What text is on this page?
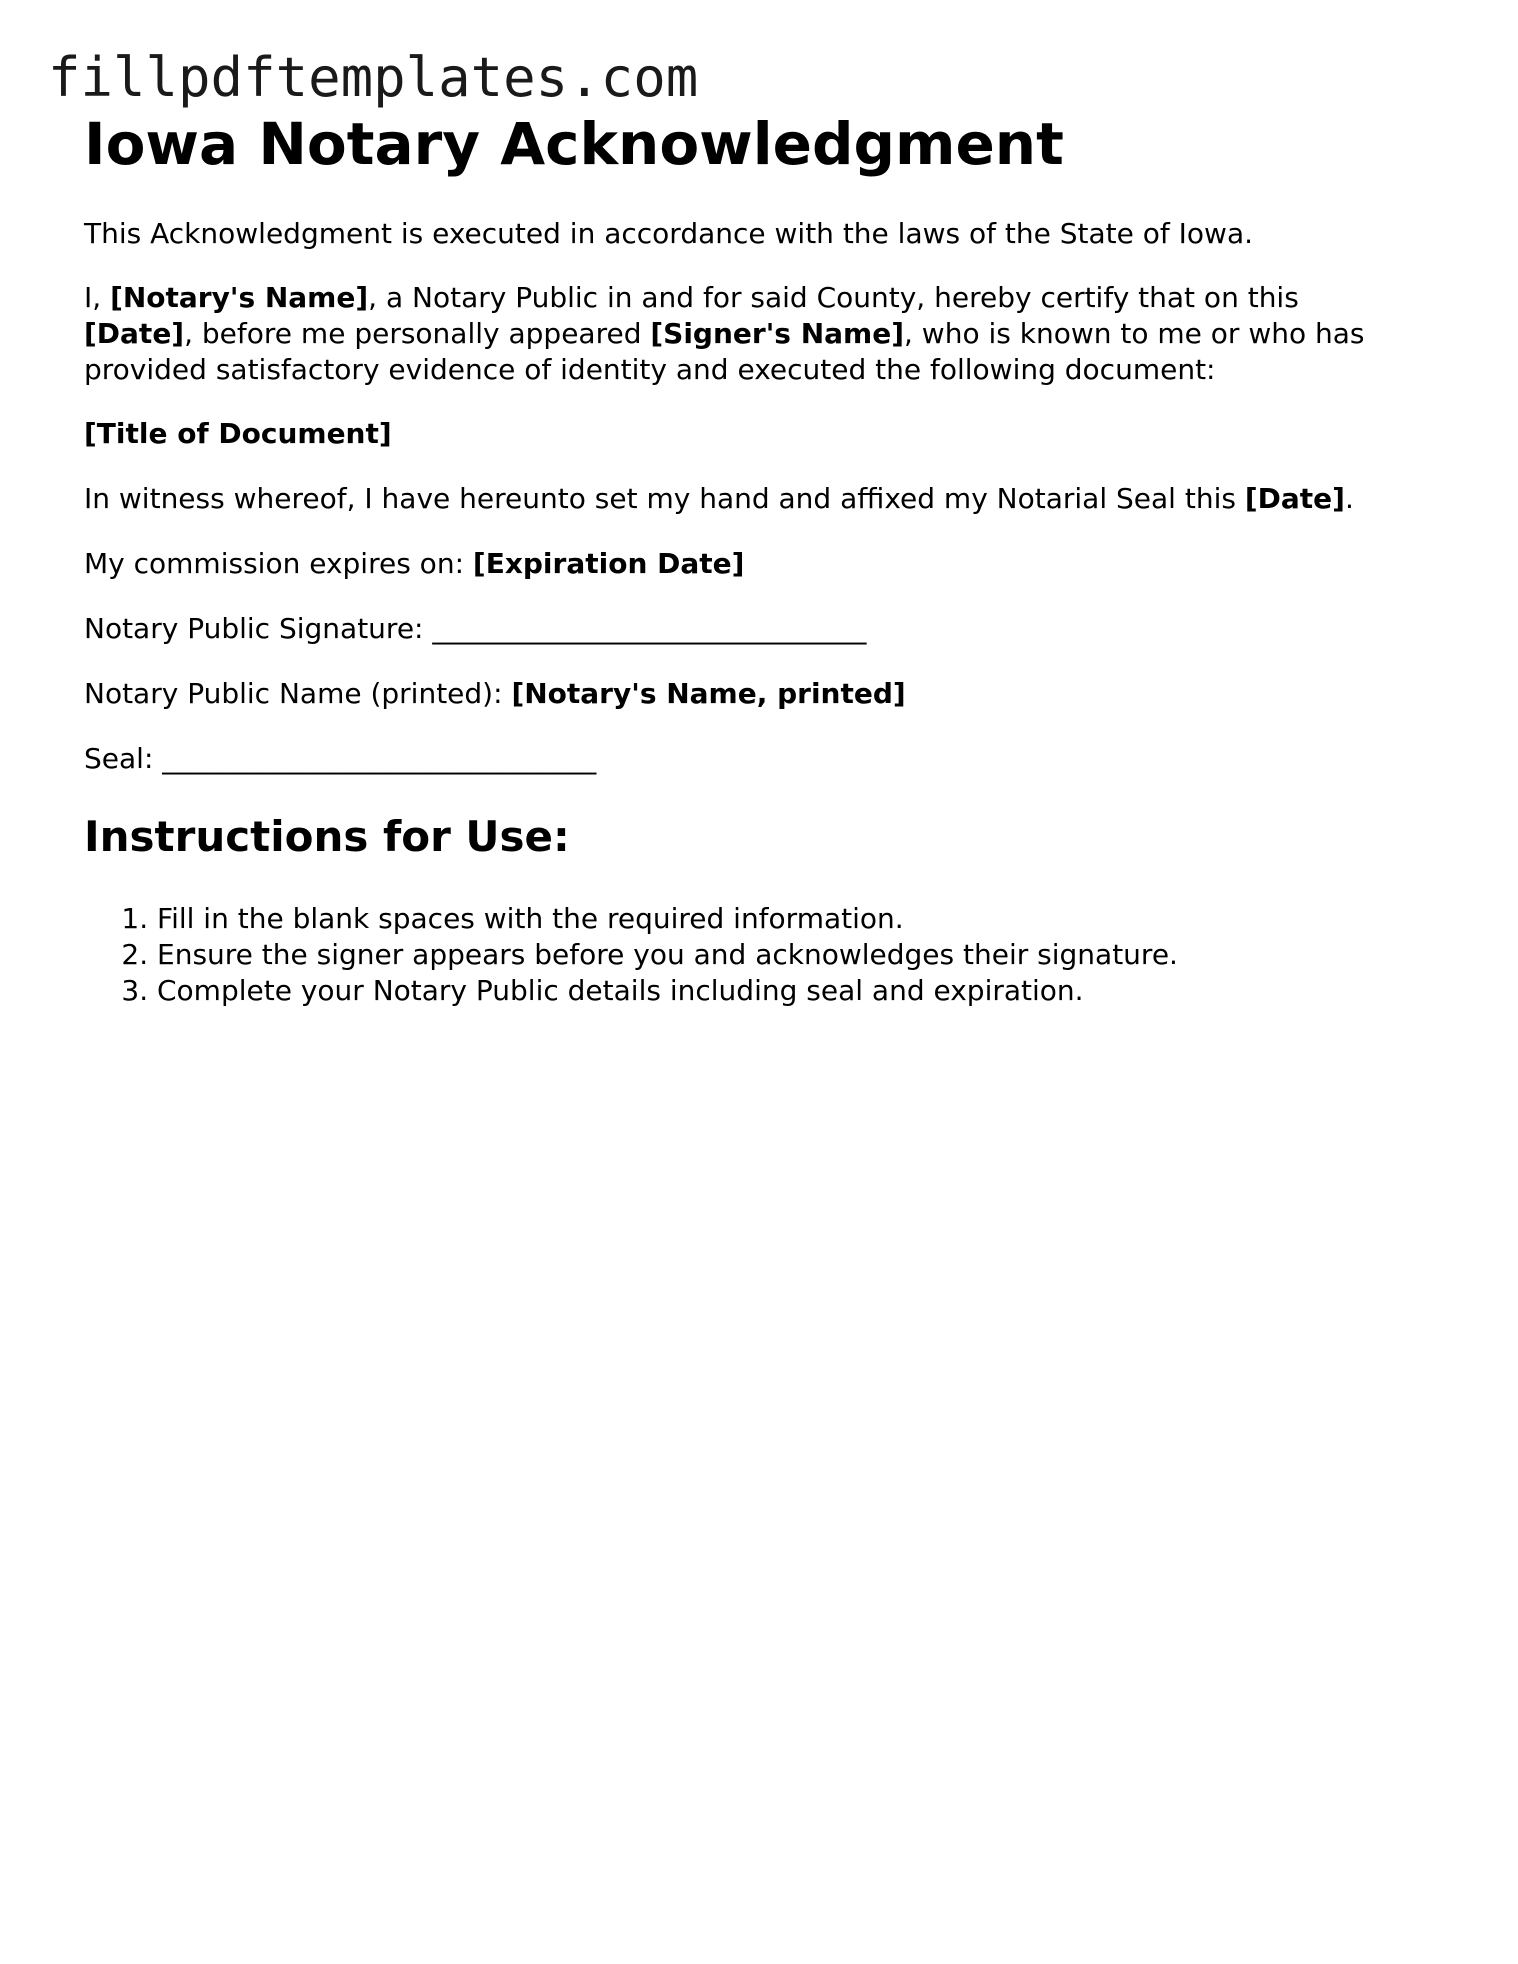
fillpdftemplates.com
Iowa Notary Acknowledgment

This Acknowledgment is executed in accordance with the laws of the State of Iowa.

I, [Notary's Name], a Notary Public in and for said County, hereby certify that on this [Date], before me personally appeared [Signer's Name], who is known to me or who has provided satisfactory evidence of identity and executed the following document:

[Title of Document]

In witness whereof, I have hereunto set my hand and affixed my Notarial Seal this [Date].

My commission expires on: [Expiration Date]

Notary Public Signature: _______________________________

Notary Public Name (printed): [Notary's Name, printed]

Seal: _______________________________

Instructions for Use:
1. Fill in the blank spaces with the required information.
2. Ensure the signer appears before you and acknowledges their signature.
3. Complete your Notary Public details including seal and expiration.
